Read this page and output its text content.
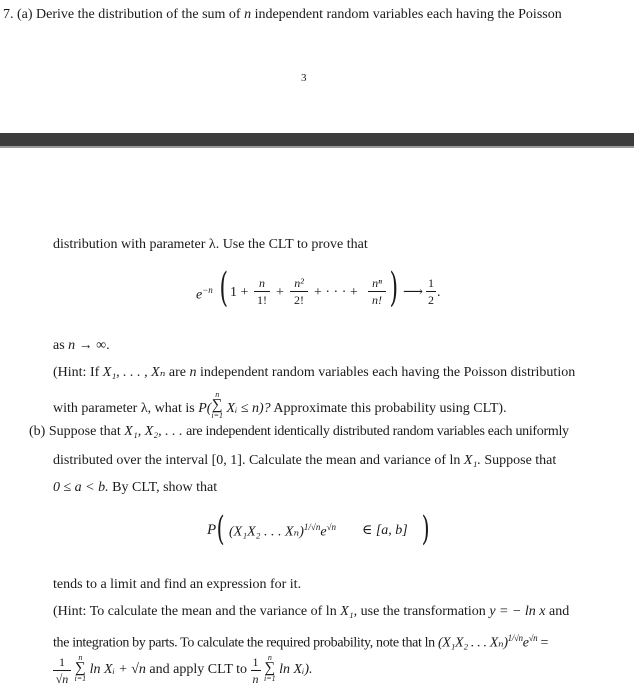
7. (a) Derive the distribution of the sum of n independent random variables each having the Poisson
3
distribution with parameter λ. Use the CLT to prove that
$e^{-n}$ ( 1 +
n
1! +
n²
2! + · · · +
nⁿ
n! ) ⟶
1
2 .
as n → ∞.
(Hint: If X₁, . . . , Xₙ are n independent random variables each having the Poisson distribution
with parameter λ, what is P(
n
∑
i=1 Xᵢ ≤ n)? Approximate this probability using CLT).
(b) Suppose that X₁, X₂, . . . are independent identically distributed random variables each uniformly
distributed over the interval [0, 1]. Calculate the mean and variance of ln X₁. Suppose that
0 ≤ a < b. By CLT, show that
P ( (X₁X₂ . . . $X_n)^{1/√n}e^{√n}$ ∈ [a, b] )
tends to a limit and find an expression for it.
(Hint: To calculate the mean and the variance of ln X₁, use the transformation y = − ln x and
the integration by parts. To calculate the required probability, note that ln (X₁X₂ . . . $X_n)^{1/√n}e^{√n}$ =
$\frac{1}{√n}$
n
∑
i=1
ln Xᵢ + √n and apply CLT to $\frac{1}{n}$
n
∑
i=1
ln Xᵢ).
